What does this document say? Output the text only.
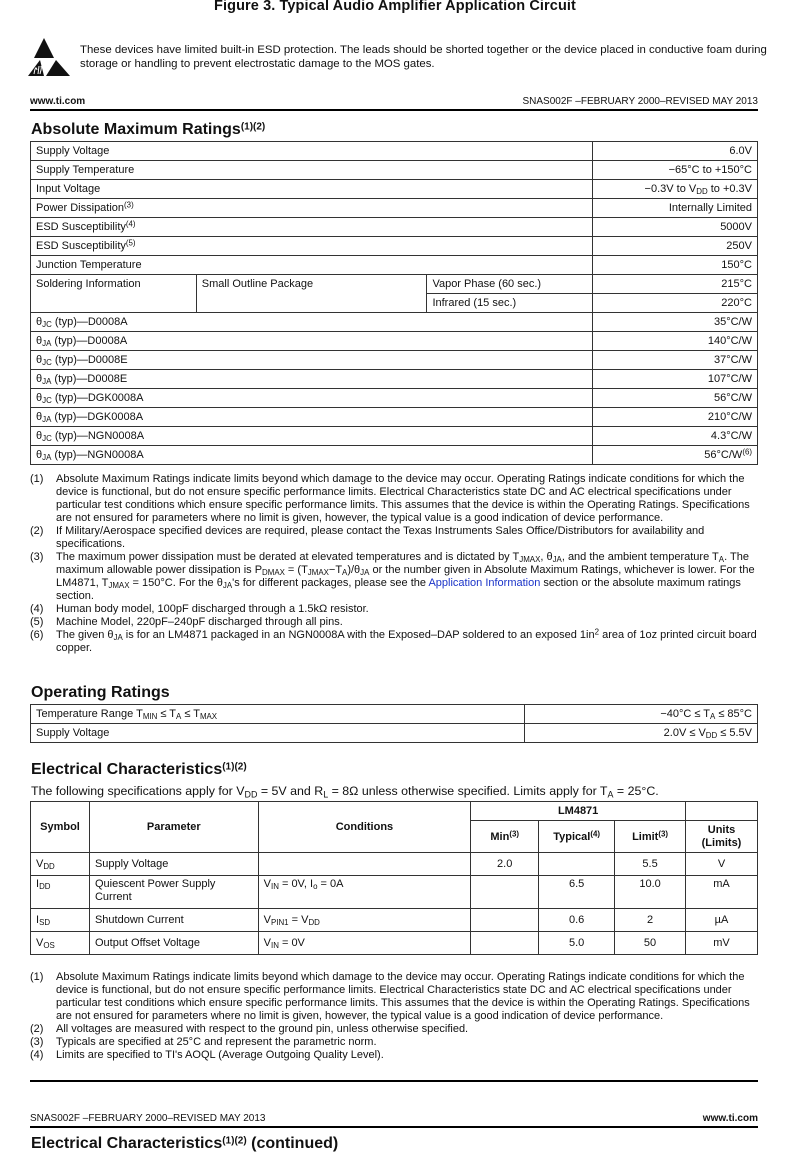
Figure 3. Typical Audio Amplifier Application Circuit
These devices have limited built-in ESD protection. The leads should be shorted together or the device placed in conductive foam during storage or handling to prevent electrostatic damage to the MOS gates.
www.ti.com	SNAS002F –FEBRUARY 2000–REVISED MAY 2013
Absolute Maximum Ratings$^{(1)(2)}$
Supply Voltage			6.0V
Supply Temperature			−65°C to +150°C
Input Voltage			−0.3V to $V_{DD}$ to +0.3V
Power Dissipation$^{(3)}$			Internally Limited
ESD Susceptibility$^{(4)}$			5000V
ESD Susceptibility$^{(5)}$			250V
Junction Temperature			150°C
Soldering Information	Small Outline Package	Vapor Phase (60 sec.)	215°C
		Infrared (15 sec.)	220°C
$\theta_{JC}$ (typ)—D0008A			35°C/W
$\theta_{JA}$ (typ)—D0008A			140°C/W
$\theta_{JC}$ (typ)—D0008E			37°C/W
$\theta_{JA}$ (typ)—D0008E			107°C/W
$\theta_{JC}$ (typ)—DGK0008A			56°C/W
$\theta_{JA}$ (typ)—DGK0008A			210°C/W
$\theta_{JC}$ (typ)—NGN0008A			4.3°C/W
$\theta_{JA}$ (typ)—NGN0008A			$56^\circ C/W^{(6)}$
(1) Absolute Maximum Ratings indicate limits beyond which damage to the device may occur. Operating Ratings indicate conditions for which the device is functional, but do not ensure specific performance limits. Electrical Characteristics state DC and AC electrical specifications under particular test conditions which ensure specific performance limits. This assumes that the device is within the Operating Ratings. Specifications are not ensured for parameters where no limit is given, however, the typical value is a good indication of device performance.
(2) If Military/Aerospace specified devices are required, please contact the Texas Instruments Sales Office/Distributors for availability and specifications.
(3) The maximum power dissipation must be derated at elevated temperatures and is dictated by $T_{JMAX}$, $\theta_{JA}$, and the ambient temperature $T_A$. The maximum allowable power dissipation is $P_{DMAX} = (T_{JMAX}-T_A)/\theta_{JA}$ or the number given in Absolute Maximum Ratings, whichever is lower. For the LM4871, $T_{JMAX} = 150^\circ C$. For the $\theta_{JA}'s$ for different packages, please see the Application Information section or the absolute maximum ratings section.
(4) Human body model, 100pF discharged through a 1.5kΩ resistor.
(5) Machine Model, 220pF–240pF discharged through all pins.
(6) The given $\theta_{JA}$ is for an LM4871 packaged in an NGN0008A with the Exposed–DAP soldered to an exposed $1in^2$ area of 1oz printed circuit board copper.
Operating Ratings
Temperature Range $T_{MIN} \le T_A \le T_{MAX}$	$-40^\circ C \le T_A \le 85^\circ C$
Supply Voltage	$2.0V \le V_{DD} \le 5.5V$
Electrical Characteristics$^{(1)(2)}$
The following specifications apply for $V_{DD} = 5V$ and $R_L = 8\Omega$ unless otherwise specified. Limits apply for $T_A = 25^\circ C$.
Symbol	Parameter	Conditions	LM4871			
			Min$^{(3)}$	Typical$^{(4)}$	Limit$^{(3)}$	Units
(Limits)
$V_{DD}$	Supply Voltage		2.0		5.5	V
$I_{DD}$	Quiescent Power Supply Current	$V_{IN} = 0V$, $I_o = 0A$		6.5	10.0	mA
$I_{SD}$	Shutdown Current	$V_{PIN1} = V_{DD}$		0.6	2	µA
$V_{OS}$	Output Offset Voltage	$V_{IN} = 0V$		5.0	50	mV
(1) Absolute Maximum Ratings indicate limits beyond which damage to the device may occur. Operating Ratings indicate conditions for which the device is functional, but do not ensure specific performance limits. Electrical Characteristics state DC and AC electrical specifications under particular test conditions which ensure specific performance limits. This assumes that the device is within the Operating Ratings. Specifications are not ensured for parameters where no limit is given, however, the typical value is a good indication of device performance.
(2) All voltages are measured with respect to the ground pin, unless otherwise specified.
(3) Typicals are specified at 25°C and represent the parametric norm.
(4) Limits are specified to TI's AOQL (Average Outgoing Quality Level).
SNAS002F –FEBRUARY 2000–REVISED MAY 2013	www.ti.com
Electrical Characteristics$^{(1)(2)}$ (continued)
